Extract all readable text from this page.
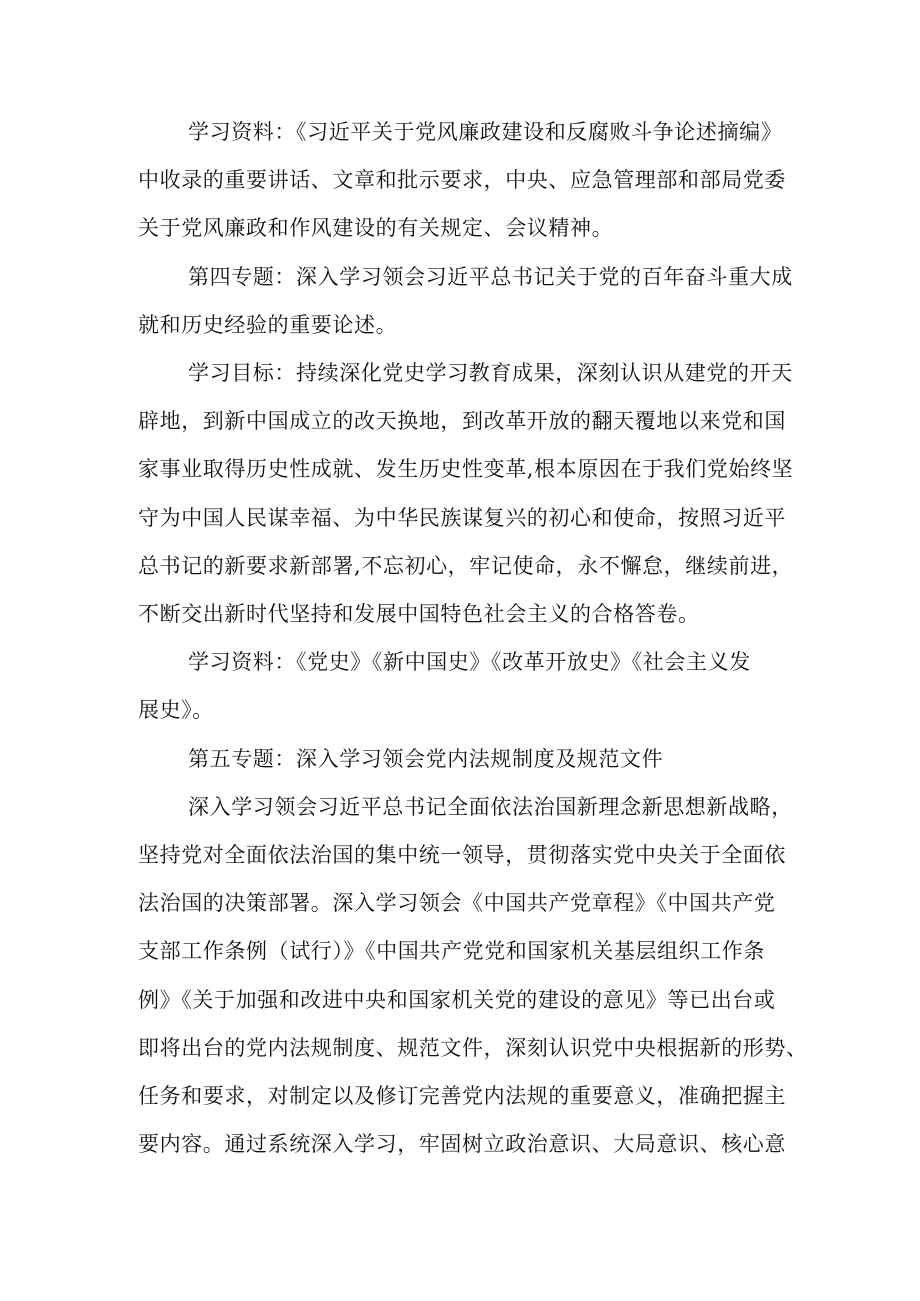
学习资料：《习近平关于党风廉政建设和反腐败斗争论述摘编》
中收录的重要讲话、文章和批示要求，中央、应急管理部和部局党委
关于党风廉政和作风建设的有关规定、会议精神。
第四专题：深入学习领会习近平总书记关于党的百年奋斗重大成
就和历史经验的重要论述。
学习目标：持续深化党史学习教育成果，深刻认识从建党的开天
辟地，到新中国成立的改天换地，到改革开放的翻天覆地以来党和国
家事业取得历史性成就、发生历史性变革,根本原因在于我们党始终坚
守为中国人民谋幸福、为中华民族谋复兴的初心和使命，按照习近平
总书记的新要求新部署,不忘初心，牢记使命，永不懈怠，继续前进，
不断交出新时代坚持和发展中国特色社会主义的合格答卷。
学习资料：《党史》《新中国史》《改革开放史》《社会主义发
展史》。
第五专题：深入学习领会党内法规制度及规范文件
深入学习领会习近平总书记全面依法治国新理念新思想新战略，
坚持党对全面依法治国的集中统一领导，贯彻落实党中央关于全面依
法治国的决策部署。深入学习领会《中国共产党章程》《中国共产党
支部工作条例（试行）》《中国共产党党和国家机关基层组织工作条
例》《关于加强和改进中央和国家机关党的建设的意见》等已出台或
即将出台的党内法规制度、规范文件，深刻认识党中央根据新的形势、
任务和要求，对制定以及修订完善党内法规的重要意义，准确把握主
要内容。通过系统深入学习，牢固树立政治意识、大局意识、核心意
